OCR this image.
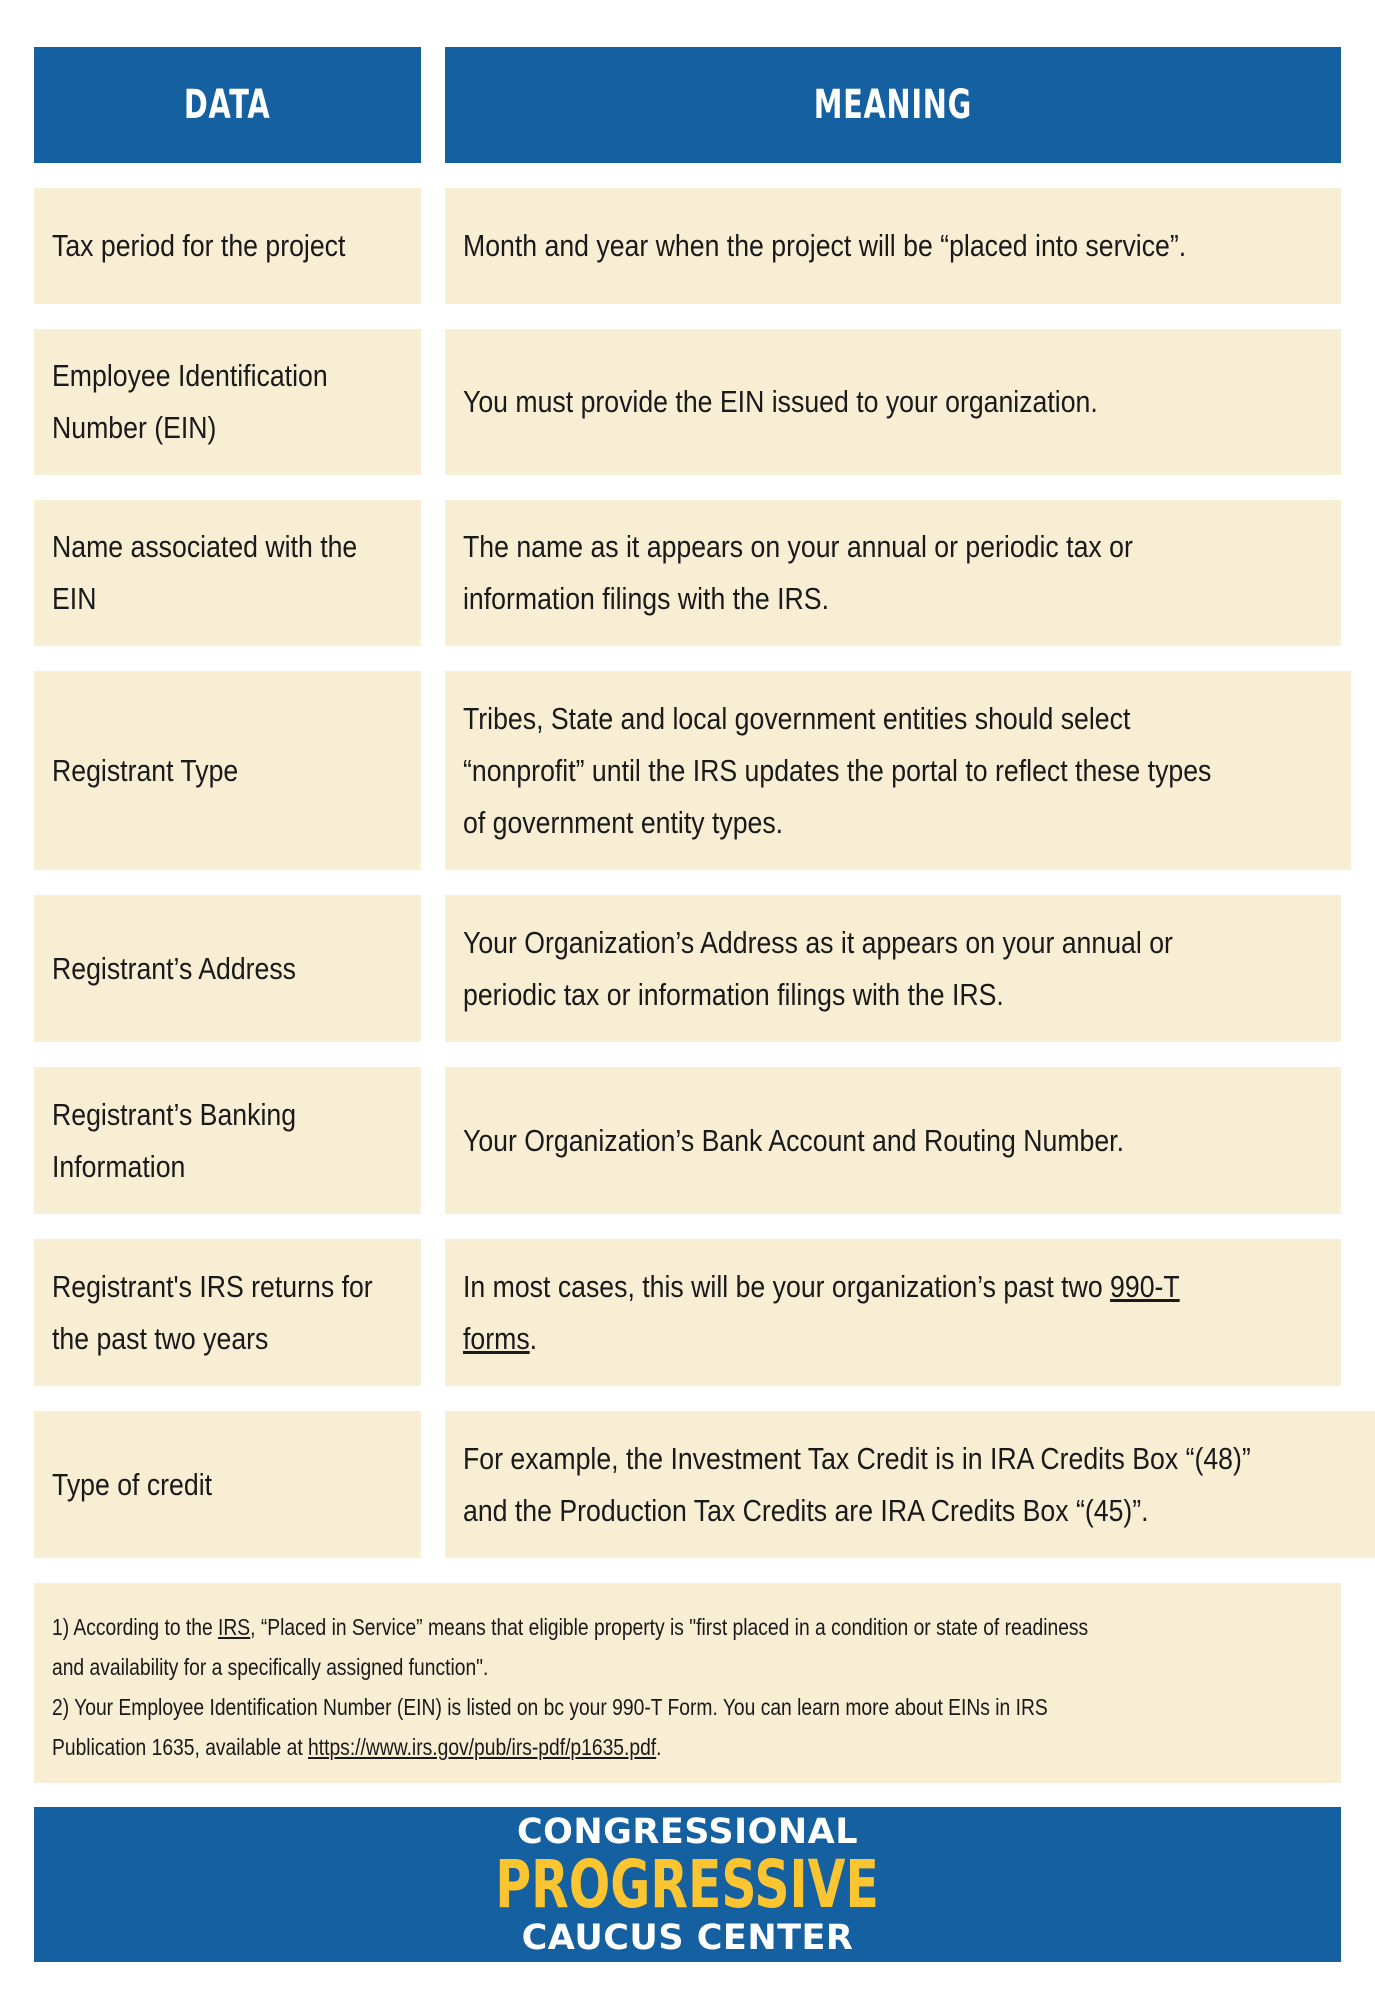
DATA	MEANING
Tax period for the project	Month and year when the project will be “placed into service”.
Employee Identification
Number (EIN)
You must provide the EIN issued to your organization.
Name associated with the
EIN
The name as it appears on your annual or periodic tax or
information filings with the IRS.
Registrant Type
Tribes, State and local government entities should select
“nonprofit” until the IRS updates the portal to reflect these types
of government entity types.
Registrant’s Address
Your Organization’s Address as it appears on your annual or
periodic tax or information filings with the IRS.
Registrant’s Banking
Information
Your Organization’s Bank Account and Routing Number.
Registrant's IRS returns for
the past two years
In most cases, this will be your organization’s past two 990-T
forms.
Type of credit
For example, the Investment Tax Credit is in IRA Credits Box “(48)”
and the Production Tax Credits are IRA Credits Box “(45)”.
1) According to the IRS, “Placed in Service” means that eligible property is "first placed in a condition or state of readiness
and availability for a specifically assigned function".
2) Your Employee Identification Number (EIN) is listed on bc your 990-T Form. You can learn more about EINs in IRS
Publication 1635, available at https://www.irs.gov/pub/irs-pdf/p1635.pdf.
CONGRESSIONAL
PROGRESSIVE
CAUCUS CENTER
